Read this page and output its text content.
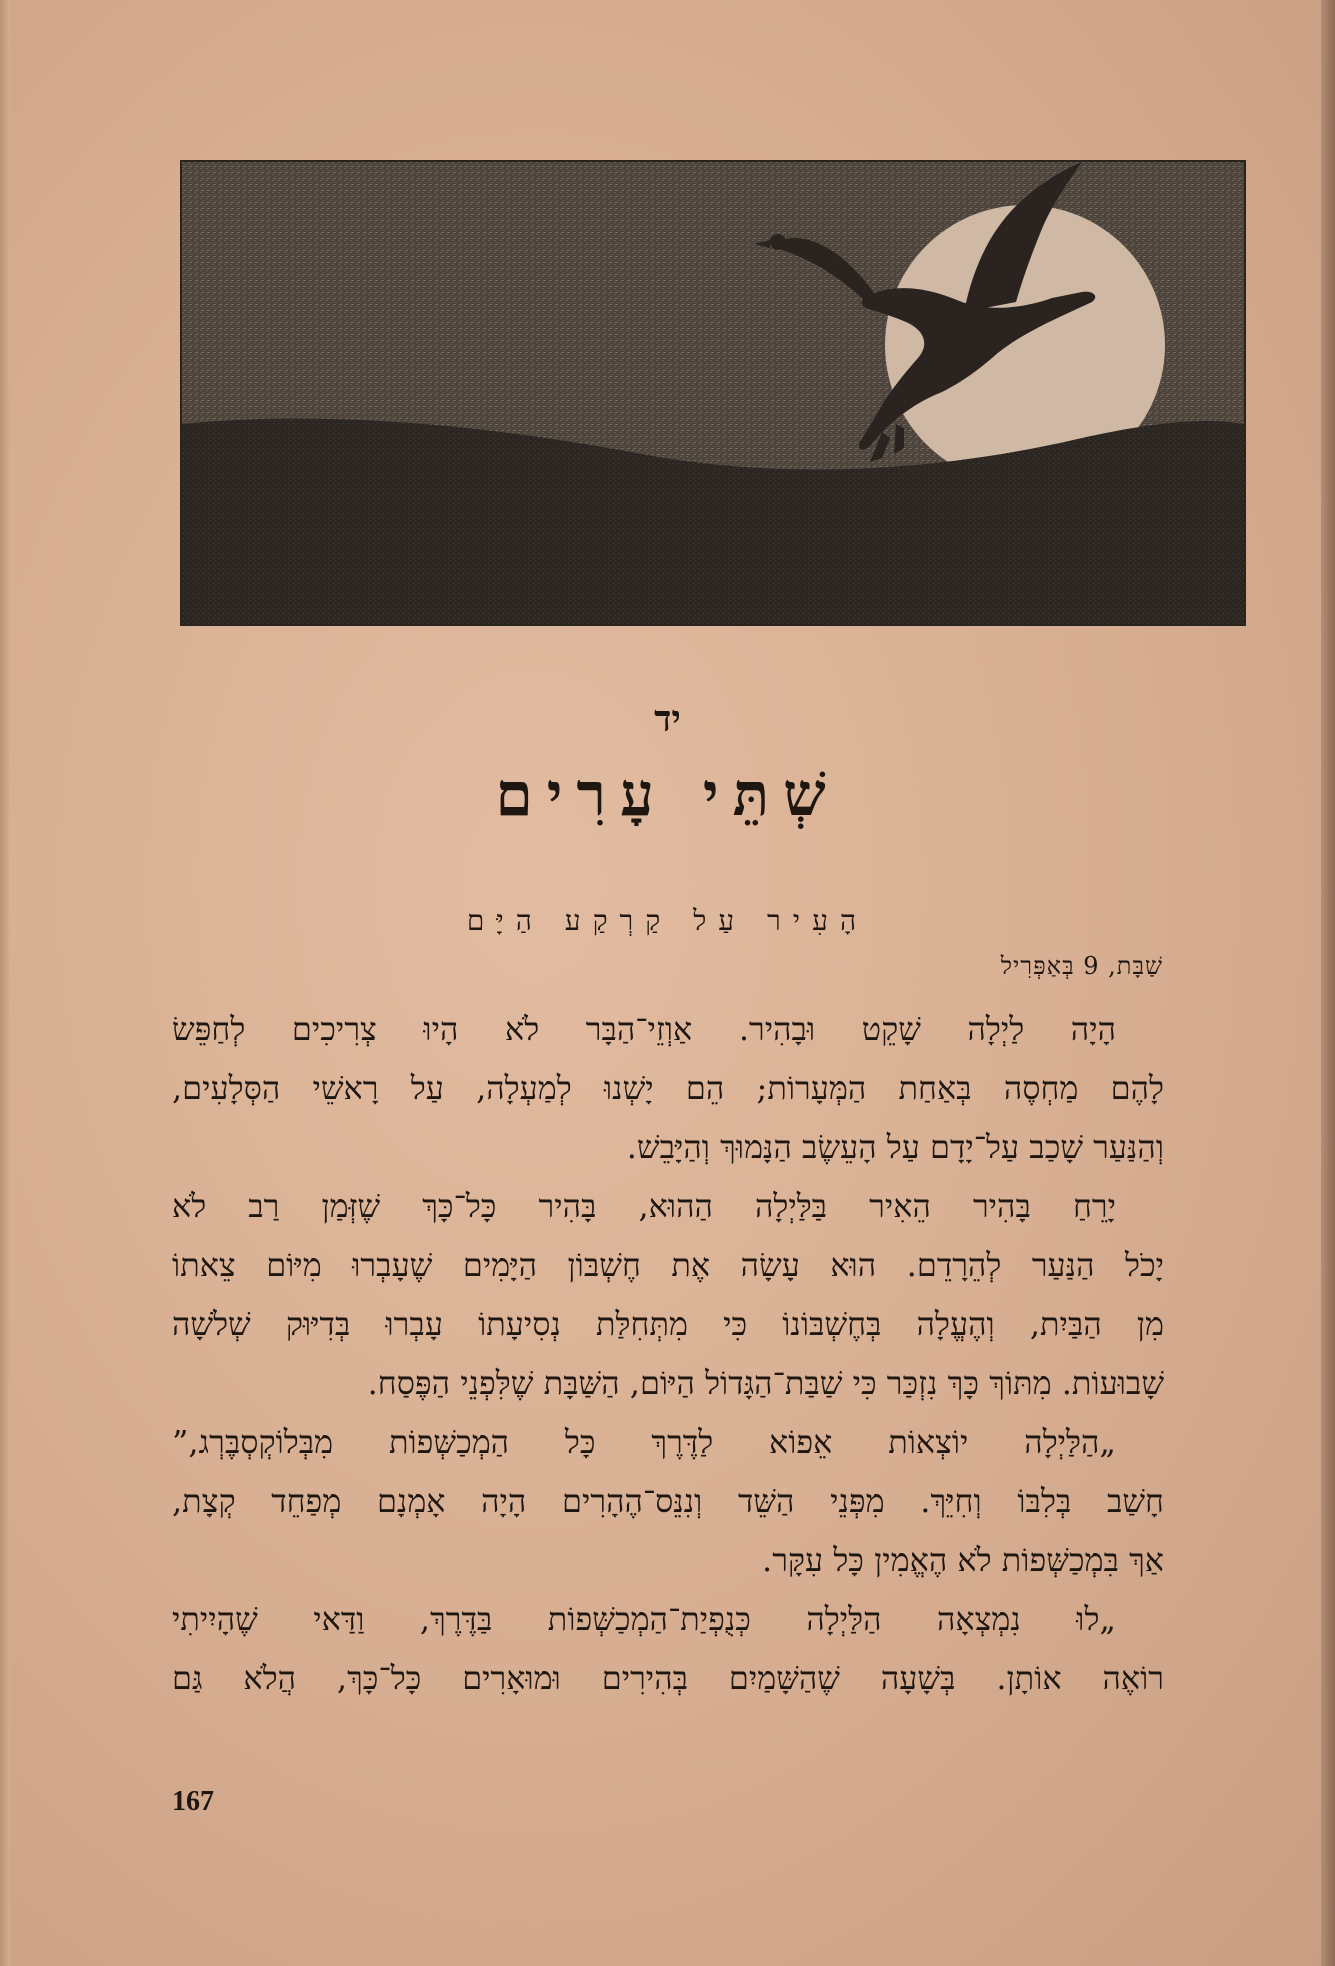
יד
שְׁתֵּי עָרִים
הָעִיר עַל קַרְקַע הַיָּם
שַׁבָּת, 9 בְּאַפְּרִיל
הָיָה לַיְלָה שָׁקֵט וּבָהִיר. אַוְזֵי־הַבָּר לֹא הָיוּ צְרִיכִים לְחַפֵּשׂ
לָהֶם מַחְסֶה בְּאַחַת הַמְּעָרוֹת; הֵם יָשְׁנוּ לְמַעְלָה, עַל רָאשֵׁי הַסְּלָעִים,
וְהַנַּעַר שָׁכַב עַל־יָדָם עַל הָעֵשֶׂב הַנָּמוּךְ וְהַיָּבֵשׁ.
יָרֵחַ בָּהִיר הֵאִיר בַּלַּיְלָה הַהוּא, בָּהִיר כָּל־כָּךְ שֶׁזְּמַן רַב לֹא
יָכֹל הַנַּעַר לְהֵרָדֵם. הוּא עָשָׂה אֶת חֶשְׁבּוֹן הַיָּמִים שֶׁעָבְרוּ מִיּוֹם צֵאתוֹ
מִן הַבַּיִת, וְהֶעֱלָה בְּחֶשְׁבּוֹנוֹ כִּי מִתְּחִלַּת נְסִיעָתוֹ עָבְרוּ בְּדִיּוּק שְׁלֹשָׁה
שָׁבוּעוֹת. מִתּוֹךְ כָּךְ נִזְכַּר כִּי שַׁבַּת־הַגָּדוֹל הַיּוֹם, הַשַּׁבָּת שֶׁלִּפְנֵי הַפֶּסַח.
„הַלַּיְלָה יוֹצְאוֹת אֵפוֹא לַדֶּרֶךְ כָּל הַמְכַשְּׁפוֹת מִבְּלוֹקְסְבֶּרְג,”
חָשַׁב בְּלִבּוֹ וְחִיֵּךְ. מִפְּנֵי הַשֵּׁד וְנִנֵּס־הֶהָרִים הָיָה אָמְנָם מְפַחֵד קְצָת,
אַךְ בִּמְכַשְּׁפוֹת לֹא הֶאֱמִין כָּל עִקָּר.
„לוּ נִמְצְאָה הַלַּיְלָה כְּנֻפְיַת־הַמְכַשְּׁפוֹת בַּדֶּרֶךְ, וַדַּאי שֶׁהָיִיתִי
רוֹאֶה אוֹתָן. בְּשָׁעָה שֶׁהַשָּׁמַיִם בְּהִירִים וּמוּאָרִים כָּל־כָּךְ, הֲלֹא גַּם
167
